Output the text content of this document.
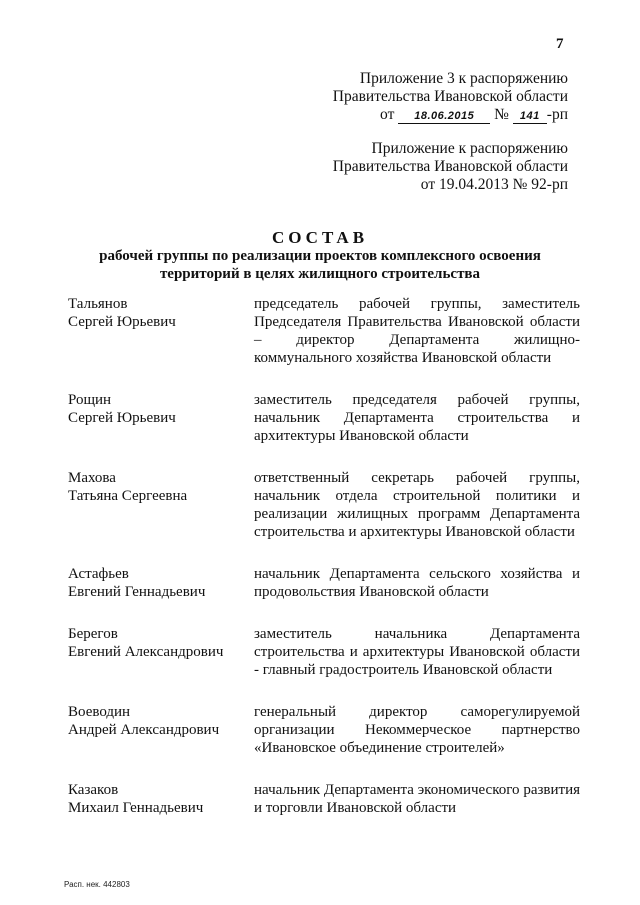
7
Приложение 3 к распоряжению
Правительства Ивановской области
от 18.06.2015 № 141 -рп
Приложение к распоряжению
Правительства Ивановской области
от 19.04.2013 № 92-рп
СОСТАВ
рабочей группы по реализации проектов комплексного освоения
территорий в целях жилищного строительства
Тальянов
Сергей Юрьевич
председатель рабочей группы, заместитель Председателя Правительства Ивановской области – директор Департамента жилищно-коммунального хозяйства Ивановской области
Рощин
Сергей Юрьевич
заместитель председателя рабочей группы, начальник Департамента строительства и архитектуры Ивановской области
Махова
Татьяна Сергеевна
ответственный секретарь рабочей группы, начальник отдела строительной политики и реализации жилищных программ Департамента строительства и архитектуры Ивановской области
Астафьев
Евгений Геннадьевич
начальник Департамента сельского хозяйства и продовольствия Ивановской области
Берегов
Евгений Александрович
заместитель начальника Департамента строительства и архитектуры Ивановской области - главный градостроитель Ивановской области
Воеводин
Андрей Александрович
генеральный директор саморегулируемой организации Некоммерческое партнерство «Ивановское объединение строителей»
Казаков
Михаил Геннадьевич
начальник Департамента экономического развития и торговли Ивановской области
Расп. нек. 442803
